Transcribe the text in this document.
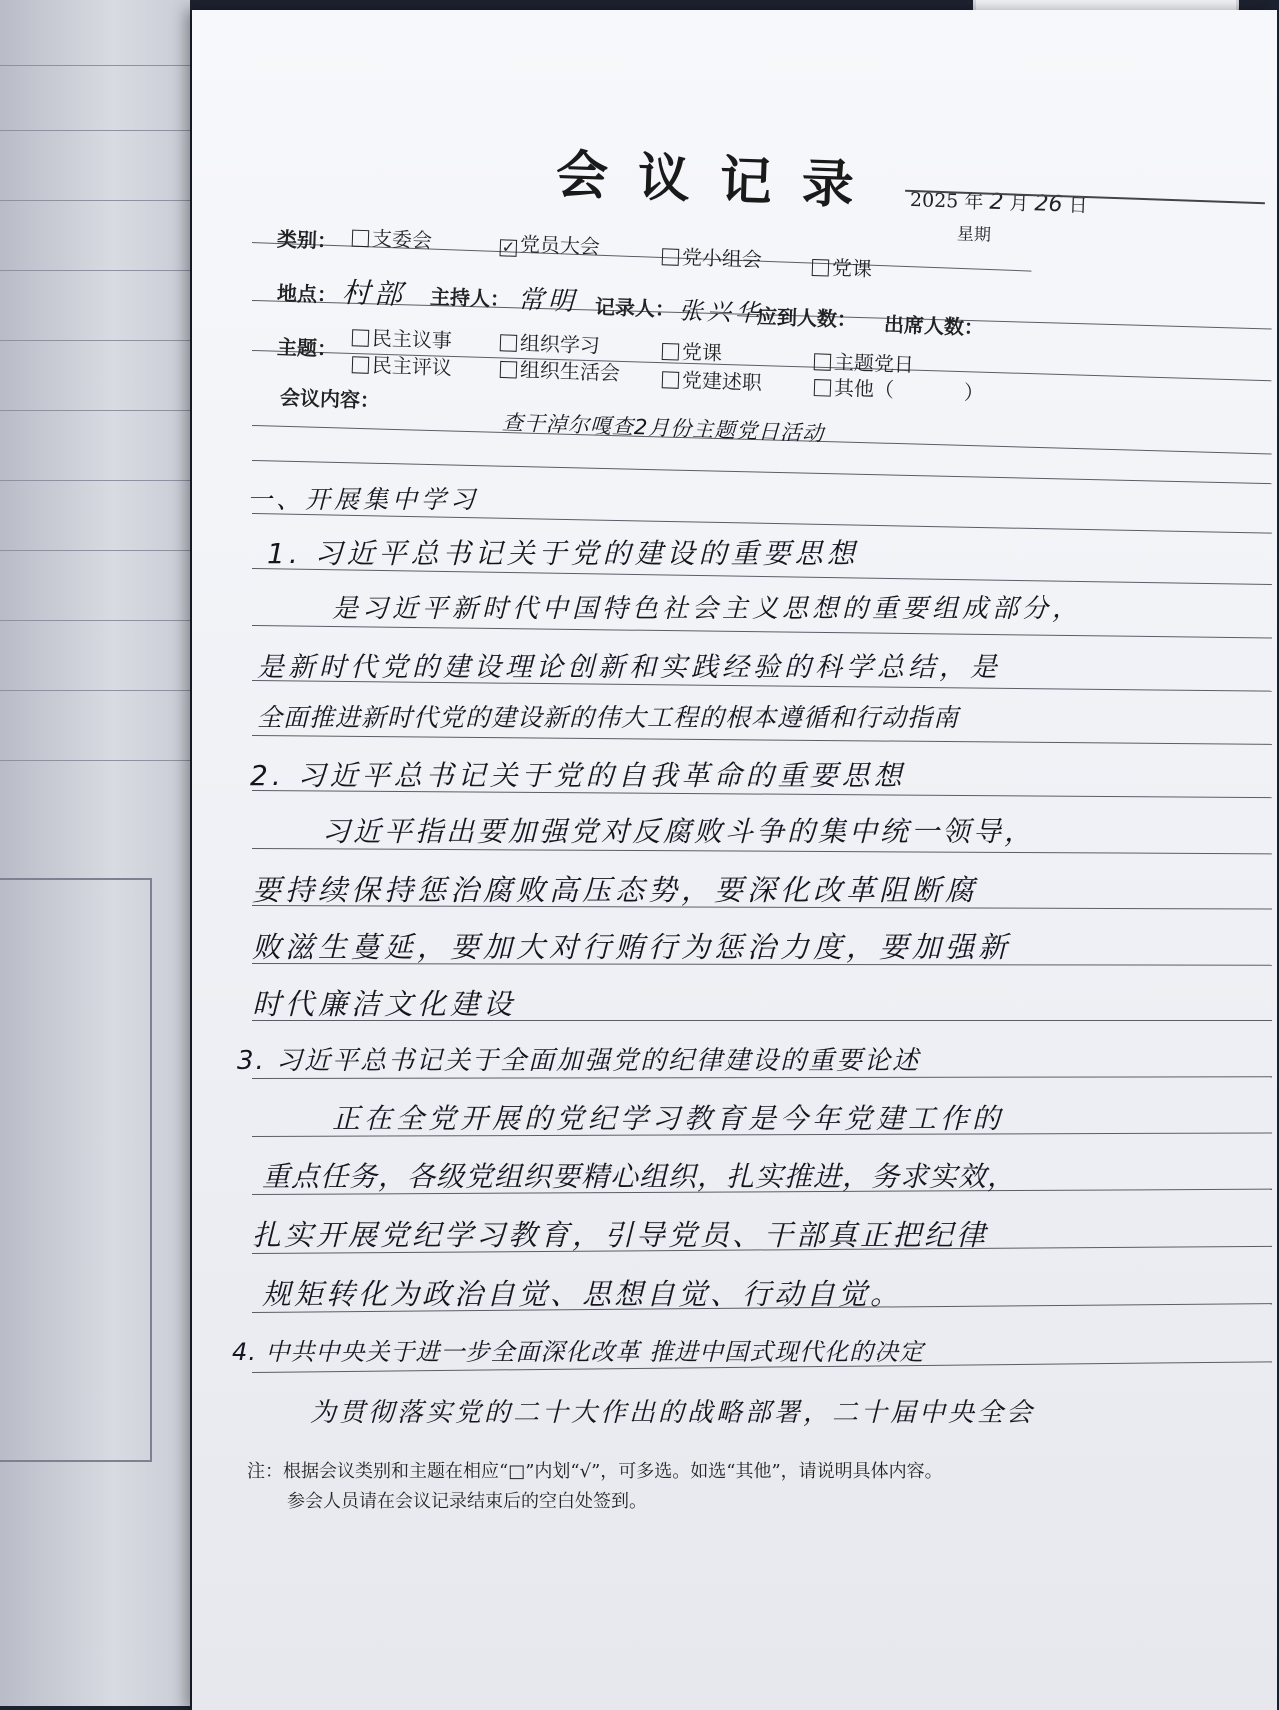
会议记录 2025 年 2 月 26 日
星期
类别：	支委会	✓ 党员大会	党小组会	党课
地点： 村部 主持人： 常明 记录人： 张兴华
应到人数： 出席人数：
主题：	民主议事	组织学习	党课	主题党日
民主评议	组织生活会	党建述职	其他（	）
会议内容：
查干淖尔嘎查2月份主题党日活动
一、开展集中学习
1. 习近平总书记关于党的建设的重要思想
是习近平新时代中国特色社会主义思想的重要组成部分，
是新时代党的建设理论创新和实践经验的科学总结，是
全面推进新时代党的建设新的伟大工程的根本遵循和行动指南
2. 习近平总书记关于党的自我革命的重要思想
习近平指出要加强党对反腐败斗争的集中统一领导，
要持续保持惩治腐败高压态势，要深化改革阻断腐
败滋生蔓延，要加大对行贿行为惩治力度，要加强新
时代廉洁文化建设
3. 习近平总书记关于全面加强党的纪律建设的重要论述
正在全党开展的党纪学习教育是今年党建工作的
重点任务，各级党组织要精心组织，扎实推进，务求实效，
扎实开展党纪学习教育，引导党员、干部真正把纪律
规矩转化为政治自觉、思想自觉、行动自觉。
4. 中共中央关于进一步全面深化改革 推进中国式现代化的决定
为贯彻落实党的二十大作出的战略部署，二十届中央全会
注：根据会议类别和主题在相应“□”内划“√”，可多选。如选“其他”，请说明具体内容。
参会人员请在会议记录结束后的空白处签到。
